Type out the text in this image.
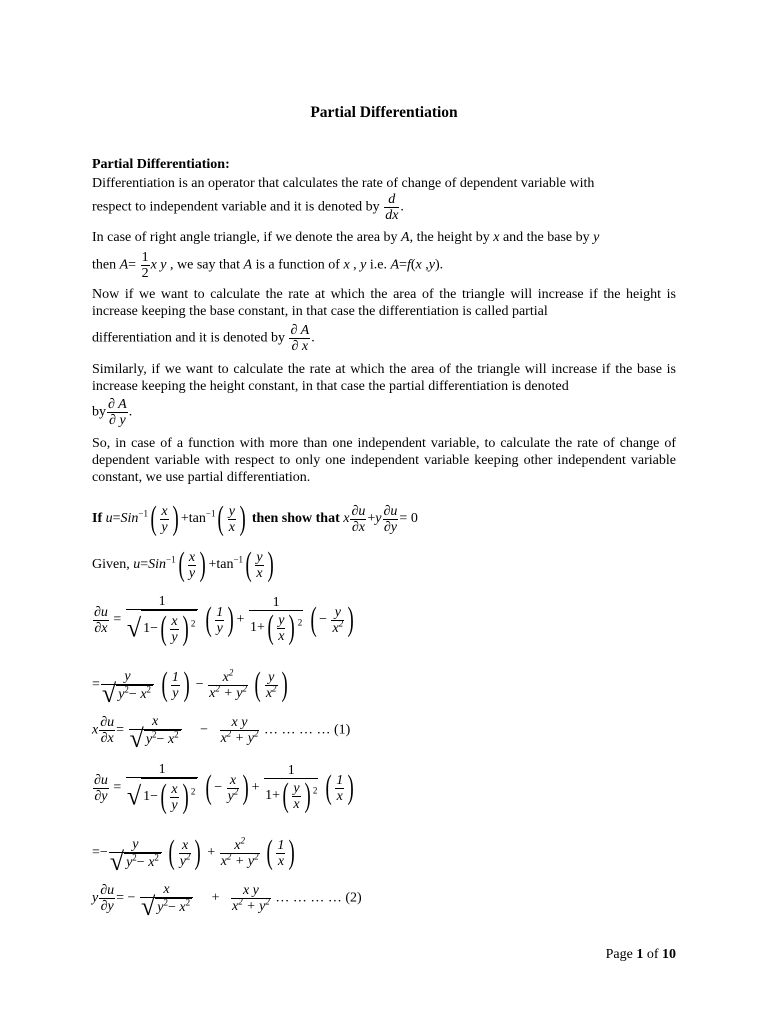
Partial Differentiation
Partial Differentiation:
Differentiation is an operator that calculates the rate of change of dependent variable with
respect to independent variable and it is denoted by $\frac{d}{dx}$ .
In case of right angle triangle, if we denote the area by A, the height by x and the base by y
then $A= \frac{1}{2}$ x y , we say that A is a function of x , y i.e. A=f(x ,y).
Now if we want to calculate the rate at which the area of the triangle will increase if the height is increase keeping the base constant, in that case the differentiation is called partial
differentiation and it is denoted by $\frac{\partial A}{\partial x}$ .
Similarly, if we want to calculate the rate at which the area of the triangle will increase if the base is increase keeping the height constant, in that case the partial differentiation is denoted
by $\frac{\partial A}{\partial y}$ .
So, in case of a function with more than one independent variable, to calculate the rate of change of dependent variable with respect to only one independent variable keeping other independent variable constant, we use partial differentiation.
If $u=Sin^{-1}( \frac{x}{y}$ ) $+\tan^{-1}( \frac{y}{x}$ ) then show that x $\frac{\partial u}{\partial x} +y \frac{\partial u}{\partial y} = 0$
Given, $u=Sin^{-1}( \frac{x}{y}$ ) $+\tan^{-1}( \frac{y}{x}$ )
$\frac{\partial u}{\partial x} = \frac{1}{√ 1-( \frac{x}{y} ) ^2}$ ( $\frac{1}{y}$ ) + $\frac{1}{1+( \frac{y}{x} ) ^2}$ ( − $\frac{y}{x^2}$ )
= $\frac{y}{√ y^2- x^2}$ ( $\frac{1}{y}$ ) − $\frac{x^2}{x^2 + y^2}$ ( $\frac{y}{x^2}$ )
x $\frac{\partial u}{\partial x} = \frac{x}{√ y^2- x^2} - \frac{\text{x y}}{x^2 + y^2}$ … … … … (1)
$\frac{\partial u}{\partial y} = \frac{1}{√ 1-( \frac{x}{y} ) ^2}$ ( − $\frac{x}{y^2}$ ) + $\frac{1}{1+( \frac{y}{x} ) ^2}$ ( $\frac{1}{x}$ )
=− $\frac{y}{√ y^2- x^2}$ ( $\frac{x}{y^2}$ ) + $\frac{x^2}{x^2 + y^2}$ ( $\frac{1}{x}$ )
y $\frac{\partial u}{\partial y}$ = − $\frac{x}{√ y^2- x^2} + \frac{\text{x y}}{x^2 + y^2}$ … … … … (2)
Page 1 of 10
